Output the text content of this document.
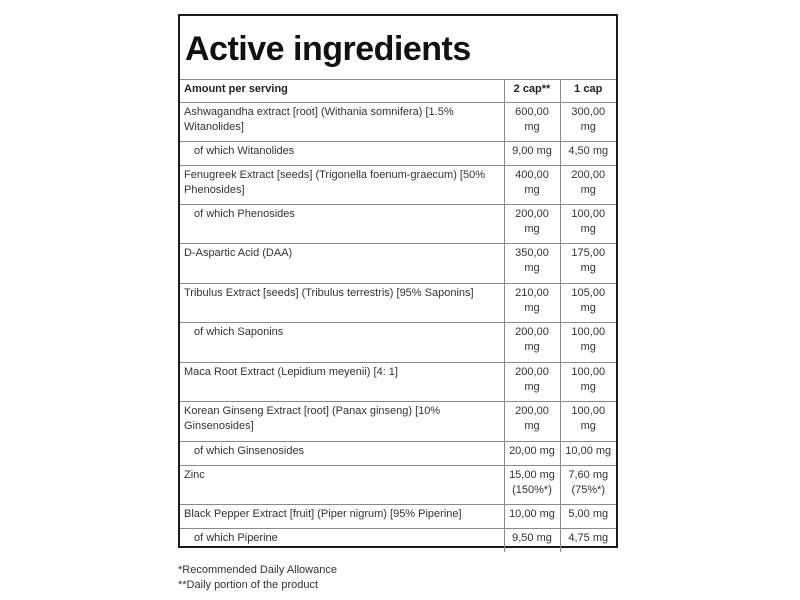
Active ingredients
Amount per serving	2 cap**	1 cap
Ashwagandha extract [root] (Withania somnifera) [1.5% Witanolides]	600,00 mg	300,00 mg
of which Witanolides	9,00 mg	4,50 mg
Fenugreek Extract [seeds] (Trigonella foenum-graecum) [50% Phenosides]	400,00 mg	200,00 mg
of which Phenosides	200,00 mg	100,00 mg
D-Aspartic Acid (DAA)	350,00 mg	175,00 mg
Tribulus Extract [seeds] (Tribulus terrestris) [95% Saponins]	210,00 mg	105,00 mg
of which Saponins	200,00 mg	100,00 mg
Maca Root Extract (Lepidium meyenii) [4: 1]	200,00 mg	100,00 mg
Korean Ginseng Extract [root] (Panax ginseng) [10% Ginsenosides]	200,00 mg	100,00 mg
of which Ginsenosides	20,00 mg	10,00 mg
Zinc	15,00 mg (150%*)	7,60 mg (75%*)
Black Pepper Extract [fruit] (Piper nigrum) [95% Piperine]	10,00 mg	5,00 mg
of which Piperine	9,50 mg	4,75 mg
*Recommended Daily Allowance
**Daily portion of the product
